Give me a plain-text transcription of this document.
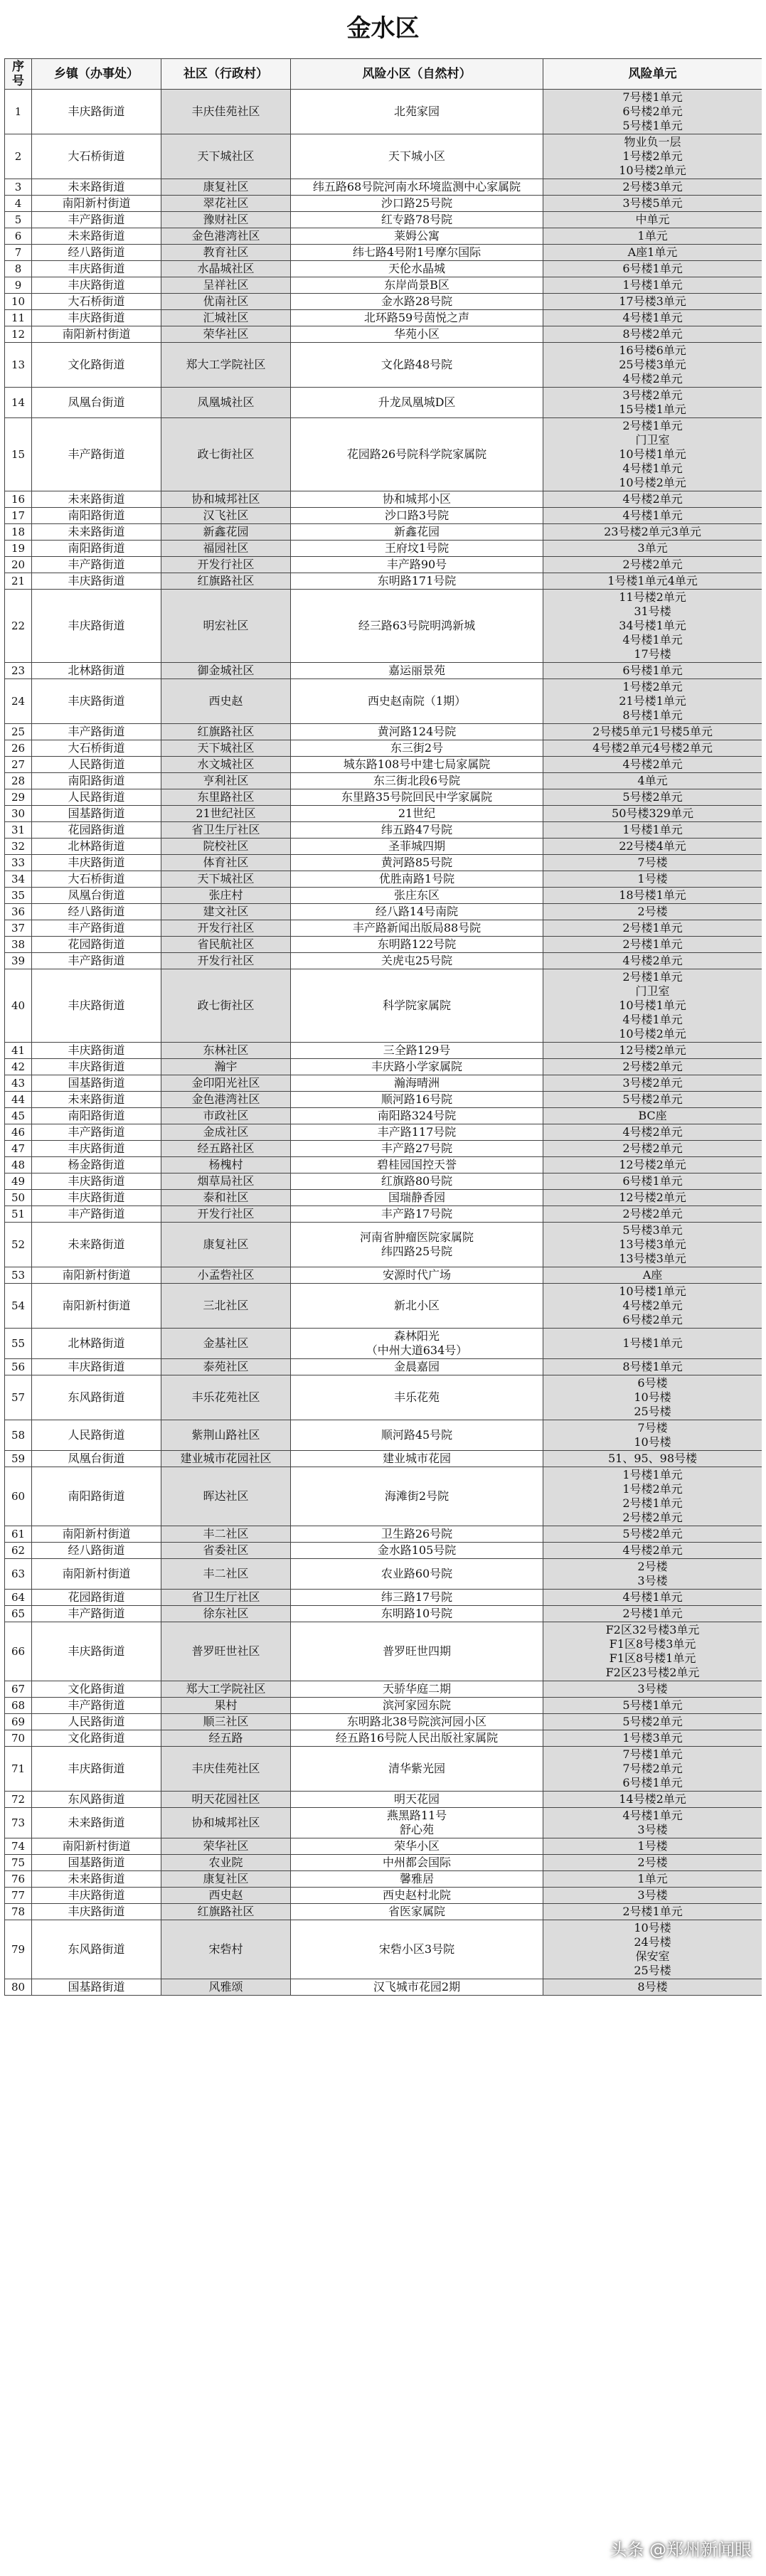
金水区
序号	乡镇（办事处）	社区（行政村）	风险小区（自然村）	风险单元
1	丰庆路街道	丰庆佳苑社区	北苑家园	7号楼1单元
6号楼2单元
5号楼1单元
2	大石桥街道	天下城社区	天下城小区	物业负一层
1号楼2单元
10号楼2单元
3	未来路街道	康复社区	纬五路68号院河南水环境监测中心家属院	2号楼3单元
4	南阳新村街道	翠花社区	沙口路25号院	3号楼5单元
5	丰产路街道	豫财社区	红专路78号院	中单元
6	未来路街道	金色港湾社区	莱姆公寓	1单元
7	经八路街道	教育社区	纬七路4号附1号摩尔国际	A座1单元
8	丰庆路街道	水晶城社区	天伦水晶城	6号楼1单元
9	丰庆路街道	呈祥社区	东岸尚景B区	1号楼1单元
10	大石桥街道	优南社区	金水路28号院	17号楼3单元
11	丰庆路街道	汇城社区	北环路59号茵悦之声	4号楼1单元
12	南阳新村街道	荣华社区	华苑小区	8号楼2单元
13	文化路街道	郑大工学院社区	文化路48号院	16号楼6单元
25号楼3单元
4号楼2单元
14	凤凰台街道	凤凰城社区	升龙凤凰城D区	3号楼2单元
15号楼1单元
15	丰产路街道	政七街社区	花园路26号院科学院家属院	2号楼1单元
门卫室
10号楼1单元
4号楼1单元
10号楼2单元
16	未来路街道	协和城邦社区	协和城邦小区	4号楼2单元
17	南阳路街道	汉飞社区	沙口路3号院	4号楼1单元
18	未来路街道	新鑫花园	新鑫花园	23号楼2单元3单元
19	南阳路街道	福园社区	王府坟1号院	3单元
20	丰产路街道	开发行社区	丰产路90号	2号楼2单元
21	丰庆路街道	红旗路社区	东明路171号院	1号楼1单元4单元
22	丰庆路街道	明宏社区	经三路63号院明鸿新城	11号楼2单元
31号楼
34号楼1单元
4号楼1单元
17号楼
23	北林路街道	御金城社区	嘉运丽景苑	6号楼1单元
24	丰庆路街道	西史赵	西史赵南院（1期）	1号楼2单元
21号楼1单元
8号楼1单元
25	丰产路街道	红旗路社区	黄河路124号院	2号楼5单元1号楼5单元
26	大石桥街道	天下城社区	东三街2号	4号楼2单元4号楼2单元
27	人民路街道	水文城社区	城东路108号中建七局家属院	4号楼2单元
28	南阳路街道	亨利社区	东三街北段6号院	4单元
29	人民路街道	东里路社区	东里路35号院回民中学家属院	5号楼2单元
30	国基路街道	21世纪社区	21世纪	50号楼329单元
31	花园路街道	省卫生厅社区	纬五路47号院	1号楼1单元
32	北林路街道	院校社区	圣菲城四期	22号楼4单元
33	丰庆路街道	体育社区	黄河路85号院	7号楼
34	大石桥街道	天下城社区	优胜南路1号院	1号楼
35	凤凰台街道	张庄村	张庄东区	18号楼1单元
36	经八路街道	建文社区	经八路14号南院	2号楼
37	丰产路街道	开发行社区	丰产路新闻出版局88号院	2号楼1单元
38	花园路街道	省民航社区	东明路122号院	2号楼1单元
39	丰产路街道	开发行社区	关虎屯25号院	4号楼2单元
40	丰庆路街道	政七街社区	科学院家属院	2号楼1单元
门卫室
10号楼1单元
4号楼1单元
10号楼2单元
41	丰庆路街道	东林社区	三全路129号	12号楼2单元
42	丰庆路街道	瀚宇	丰庆路小学家属院	2号楼2单元
43	国基路街道	金印阳光社区	瀚海晴洲	3号楼2单元
44	未来路街道	金色港湾社区	顺河路16号院	5号楼2单元
45	南阳路街道	市政社区	南阳路324号院	BC座
46	丰产路街道	金成社区	丰产路117号院	4号楼2单元
47	丰庆路街道	经五路社区	丰产路27号院	2号楼2单元
48	杨金路街道	杨槐村	碧桂园国控天誉	12号楼2单元
49	丰庆路街道	烟草局社区	红旗路80号院	6号楼1单元
50	丰庆路街道	泰和社区	国瑞静香园	12号楼2单元
51	丰产路街道	开发行社区	丰产路17号院	2号楼2单元
52	未来路街道	康复社区	河南省肿瘤医院家属院
纬四路25号院	5号楼3单元
13号楼3单元
13号楼3单元
53	南阳新村街道	小孟砦社区	安源时代广场	A座
54	南阳新村街道	三北社区	新北小区	10号楼1单元
4号楼2单元
6号楼2单元
55	北林路街道	金基社区	森林阳光
（中州大道634号）	1号楼1单元
56	丰庆路街道	泰苑社区	金晨嘉园	8号楼1单元
57	东风路街道	丰乐花苑社区	丰乐花苑	6号楼
10号楼
25号楼
58	人民路街道	紫荆山路社区	顺河路45号院	7号楼
10号楼
59	凤凰台街道	建业城市花园社区	建业城市花园	51、95、98号楼
60	南阳路街道	晖达社区	海滩街2号院	1号楼1单元
1号楼2单元
2号楼1单元
2号楼2单元
61	南阳新村街道	丰二社区	卫生路26号院	5号楼2单元
62	经八路街道	省委社区	金水路105号院	4号楼2单元
63	南阳新村街道	丰二社区	农业路60号院	2号楼
3号楼
64	花园路街道	省卫生厅社区	纬三路17号院	4号楼1单元
65	丰产路街道	徐东社区	东明路10号院	2号楼1单元
66	丰庆路街道	普罗旺世社区	普罗旺世四期	F2区32号楼3单元
F1区8号楼3单元
F1区8号楼1单元
F2区23号楼2单元
67	文化路街道	郑大工学院社区	天骄华庭二期	3号楼
68	丰产路街道	果村	滨河家园东院	5号楼1单元
69	人民路街道	顺三社区	东明路北38号院滨河园小区	5号楼2单元
70	文化路街道	经五路	经五路16号院人民出版社家属院	1号楼3单元
71	丰庆路街道	丰庆佳苑社区	清华紫光园	7号楼1单元
7号楼2单元
6号楼1单元
72	东风路街道	明天花园社区	明天花园	14号楼2单元
73	未来路街道	协和城邦社区	燕黑路11号
舒心苑	4号楼1单元
3号楼
74	南阳新村街道	荣华社区	荣华小区	1号楼
75	国基路街道	农业院	中州都会国际	2号楼
76	未来路街道	康复社区	馨雅居	1单元
77	丰庆路街道	西史赵	西史赵村北院	3号楼
78	丰庆路街道	红旗路社区	省医家属院	2号楼1单元
79	东风路街道	宋砦村	宋砦小区3号院	10号楼
24号楼
保安室
25号楼
80	国基路街道	风雅颂	汉飞城市花园2期	8号楼
头条 @郑州新闻眼
